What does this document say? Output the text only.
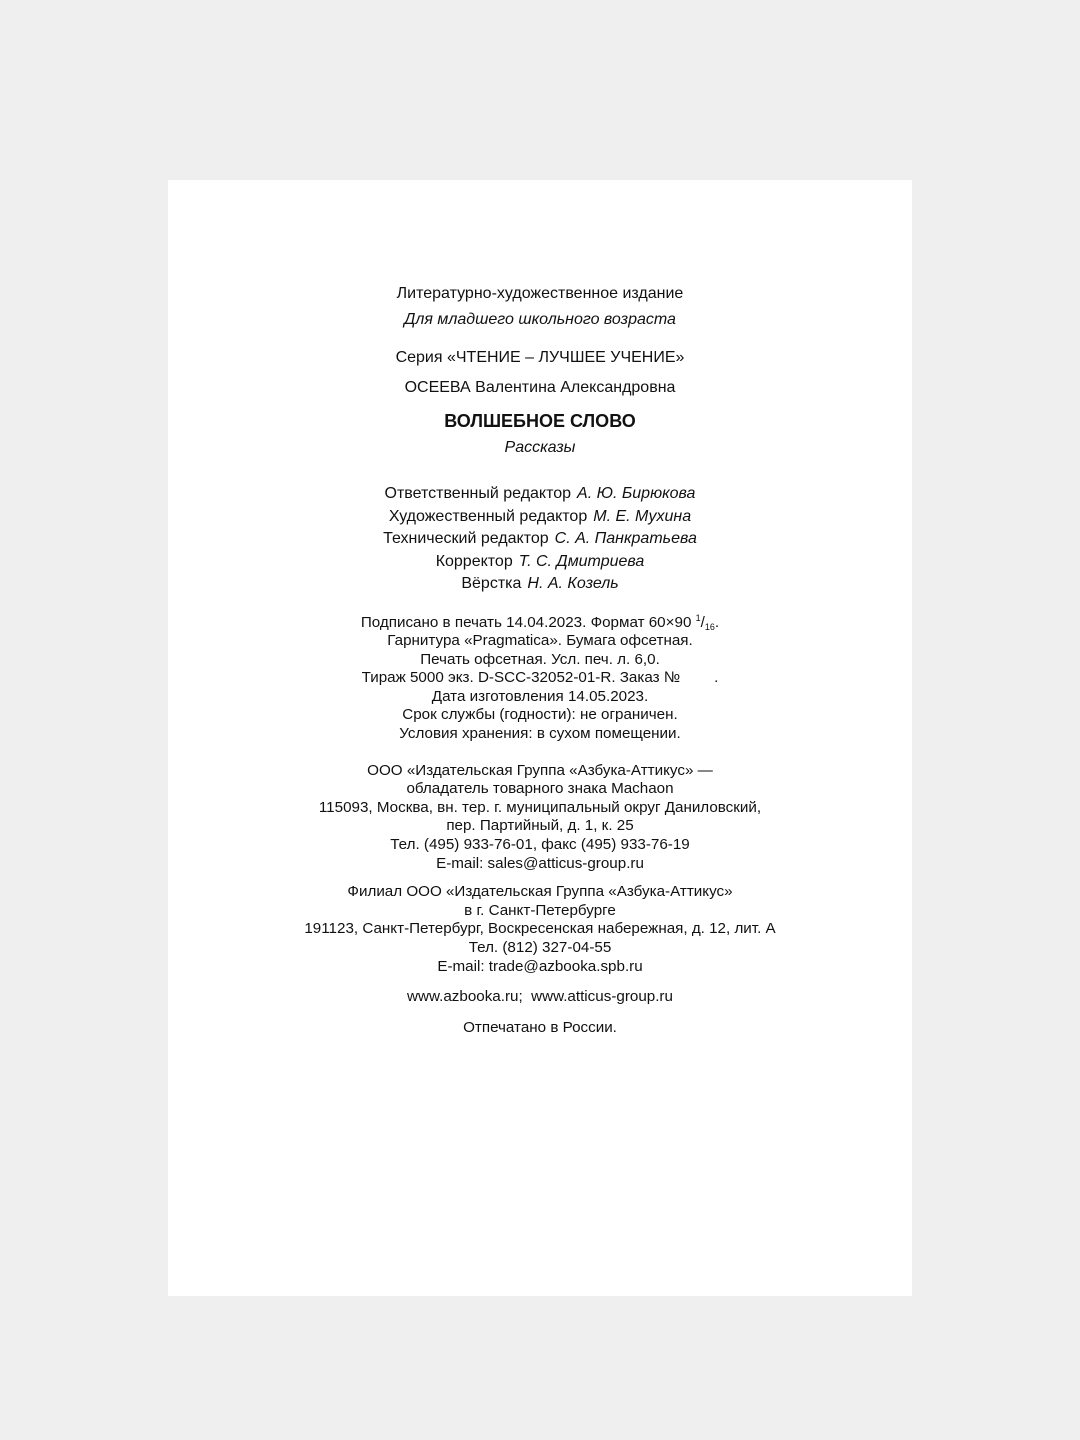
Литературно-художественное издание
Для младшего школьного возраста
Серия «ЧТЕНИЕ – ЛУЧШЕЕ УЧЕНИЕ»
ОСЕЕВА Валентина Александровна
ВОЛШЕБНОЕ СЛОВО
Рассказы
Ответственный редактор А. Ю. Бирюкова
Художественный редактор М. Е. Мухина
Технический редактор С. А. Панкратьева
Корректор Т. С. Дмитриева
Вёрстка Н. А. Козель
Подписано в печать 14.04.2023. Формат 60×90 $^1/_{16}$.
Гарнитура «Pragmatica». Бумага офсетная.
Печать офсетная. Усл. печ. л. 6,0.
Тираж 5000 экз. D-SCC-32052-01-R. Заказ № .
Дата изготовления 14.05.2023.
Срок службы (годности): не ограничен.
Условия хранения: в сухом помещении.
ООО «Издательская Группа «Азбука-Аттикус» —
обладатель товарного знака Machaon
115093, Москва, вн. тер. г. муниципальный округ Даниловский,
пер. Партийный, д. 1, к. 25
Тел. (495) 933-76-01, факс (495) 933-76-19
E-mail: sales@atticus-group.ru
Филиал ООО «Издательская Группа «Азбука-Аттикус»
в г. Санкт-Петербурге
191123, Санкт-Петербург, Воскресенская набережная, д. 12, лит. А
Тел. (812) 327-04-55
E-mail: trade@azbooka.spb.ru
www.azbooka.ru;  www.atticus-group.ru
Отпечатано в России.
